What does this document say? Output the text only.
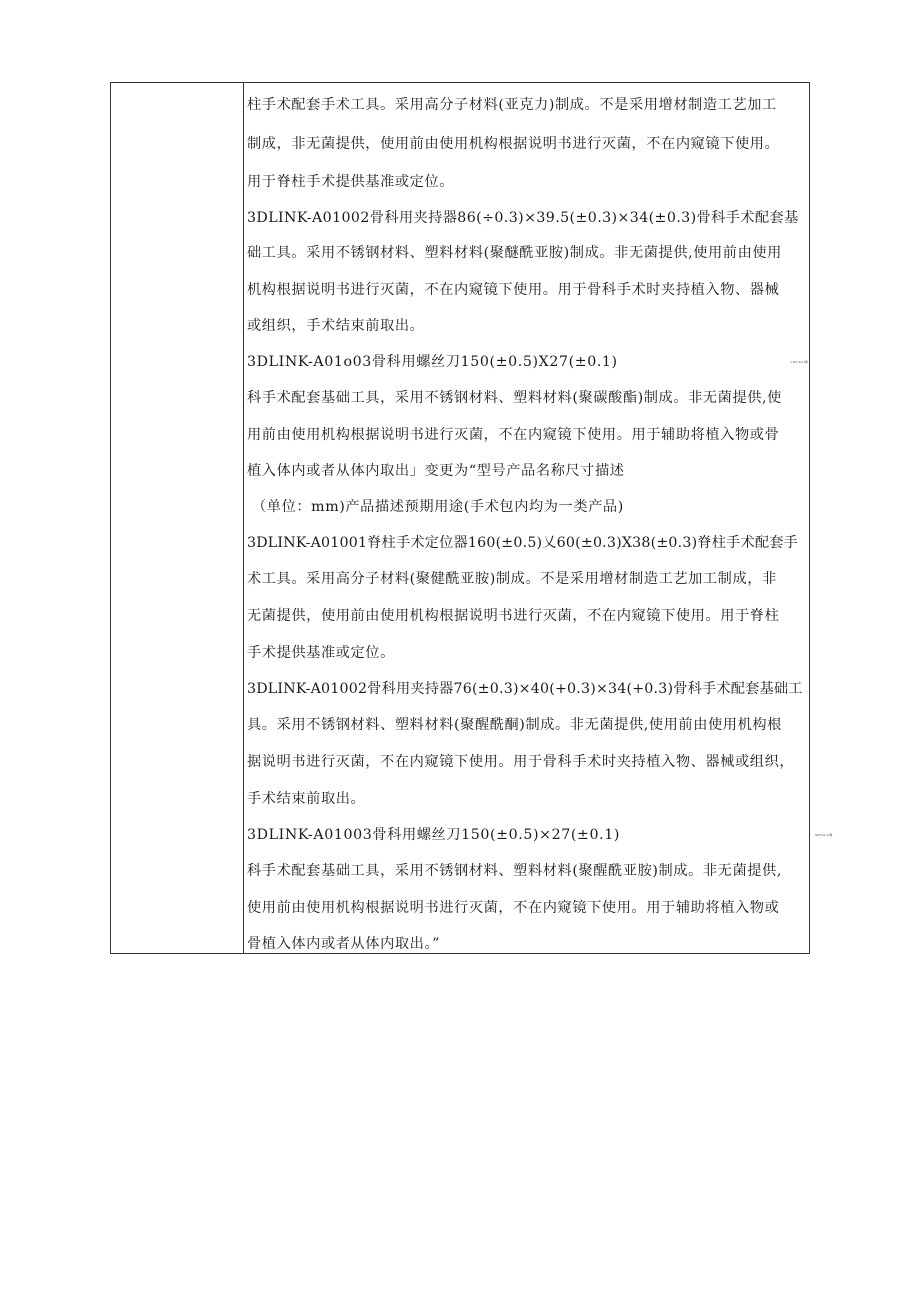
柱手术配套手术工具。采用高分子材料(亚克力)制成。不是采用增材制造工艺加工
制成，非无菌提供，使用前由使用机构根据说明书进行灭菌，不在内窥镜下使用。
用于脊柱手术提供基准或定位。
3DLINK-A01002骨科用夹持器86(÷0.3)×39.5(±0.3)×34(±0.3)骨科手术配套基
础工具。采用不锈钢材料、塑料材料(聚醚酰亚胺)制成。非无菌提供,使用前由使用
机构根据说明书进行灭菌，不在内窥镜下使用。用于骨科手术时夹持植入物、器械
或组织，手术结束前取出。
3DLINK-A01o03骨科用螺丝刀150(±0.5)X27(±0.1)	×27(-0.1)骨
科手术配套基础工具，采用不锈钢材料、塑料材料(聚碳酸酯)制成。非无菌提供,使
用前由使用机构根据说明书进行灭菌，不在内窥镜下使用。用于辅助将植入物或骨
植入体内或者从体内取出」变更为“型号产品名称尺寸描述
（单位：mm)产品描述预期用途(手术包内均为一类产品)
3DLINK-A01001脊柱手术定位器160(±0.5)乂60(±0.3)X38(±0.3)脊柱手术配套手
术工具。采用高分子材料(聚健酰亚胺)制成。不是采用增材制造工艺加工制成，非
无菌提供，使用前由使用机构根据说明书进行灭菌，不在内窥镜下使用。用于脊柱
手术提供基准或定位。
3DLINK-A01002骨科用夹持器76(±0.3)×40(+0.3)×34(+0.3)骨科手术配套基础工
具。采用不锈钢材料、塑料材料(聚醒酰酮)制成。非无菌提供,使用前由使用机构根
据说明书进行灭菌，不在内窥镜下使用。用于骨科手术时夹持植入物、器械或组织，
手术结束前取出。
3DLINK-A01003骨科用螺丝刀150(±0.5)×27(±0.1)	527(-0.1)骨
科手术配套基础工具，采用不锈钢材料、塑料材料(聚醒酰亚胺)制成。非无菌提供,
使用前由使用机构根据说明书进行灭菌，不在内窥镜下使用。用于辅助将植入物或
骨植入体内或者从体内取出。”
